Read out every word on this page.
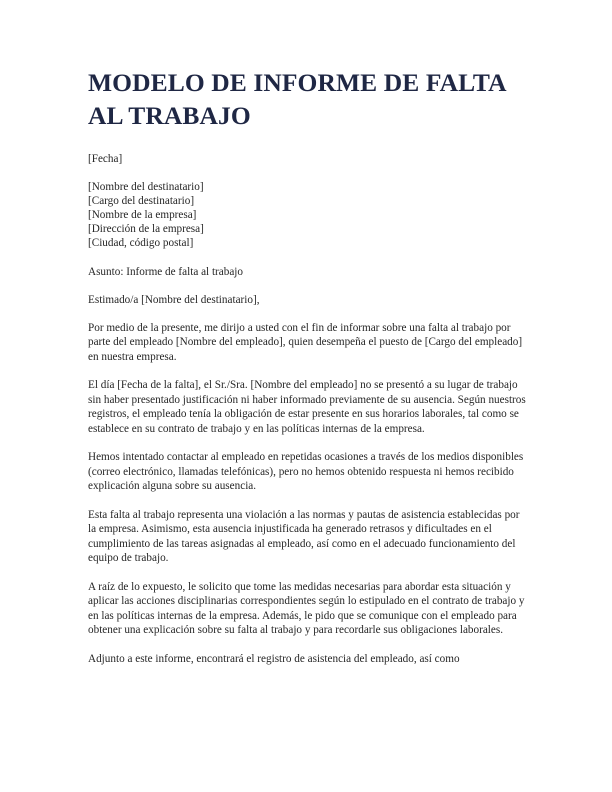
MODELO DE INFORME DE FALTA AL TRABAJO
[Fecha]
[Nombre del destinatario]
[Cargo del destinatario]
[Nombre de la empresa]
[Dirección de la empresa]
[Ciudad, código postal]
Asunto: Informe de falta al trabajo
Estimado/a [Nombre del destinatario],

Por medio de la presente, me dirijo a usted con el fin de informar sobre una falta al trabajo por parte del empleado [Nombre del empleado], quien desempeña el puesto de [Cargo del empleado] en nuestra empresa.

El día [Fecha de la falta], el Sr./Sra. [Nombre del empleado] no se presentó a su lugar de trabajo sin haber presentado justificación ni haber informado previamente de su ausencia. Según nuestros registros, el empleado tenía la obligación de estar presente en sus horarios laborales, tal como se establece en su contrato de trabajo y en las políticas internas de la empresa.

Hemos intentado contactar al empleado en repetidas ocasiones a través de los medios disponibles (correo electrónico, llamadas telefónicas), pero no hemos obtenido respuesta ni hemos recibido explicación alguna sobre su ausencia.

Esta falta al trabajo representa una violación a las normas y pautas de asistencia establecidas por la empresa. Asimismo, esta ausencia injustificada ha generado retrasos y dificultades en el cumplimiento de las tareas asignadas al empleado, así como en el adecuado funcionamiento del equipo de trabajo.

A raíz de lo expuesto, le solicito que tome las medidas necesarias para abordar esta situación y aplicar las acciones disciplinarias correspondientes según lo estipulado en el contrato de trabajo y en las políticas internas de la empresa. Además, le pido que se comunique con el empleado para obtener una explicación sobre su falta al trabajo y para recordarle sus obligaciones laborales.

Adjunto a este informe, encontrará el registro de asistencia del empleado, así como
